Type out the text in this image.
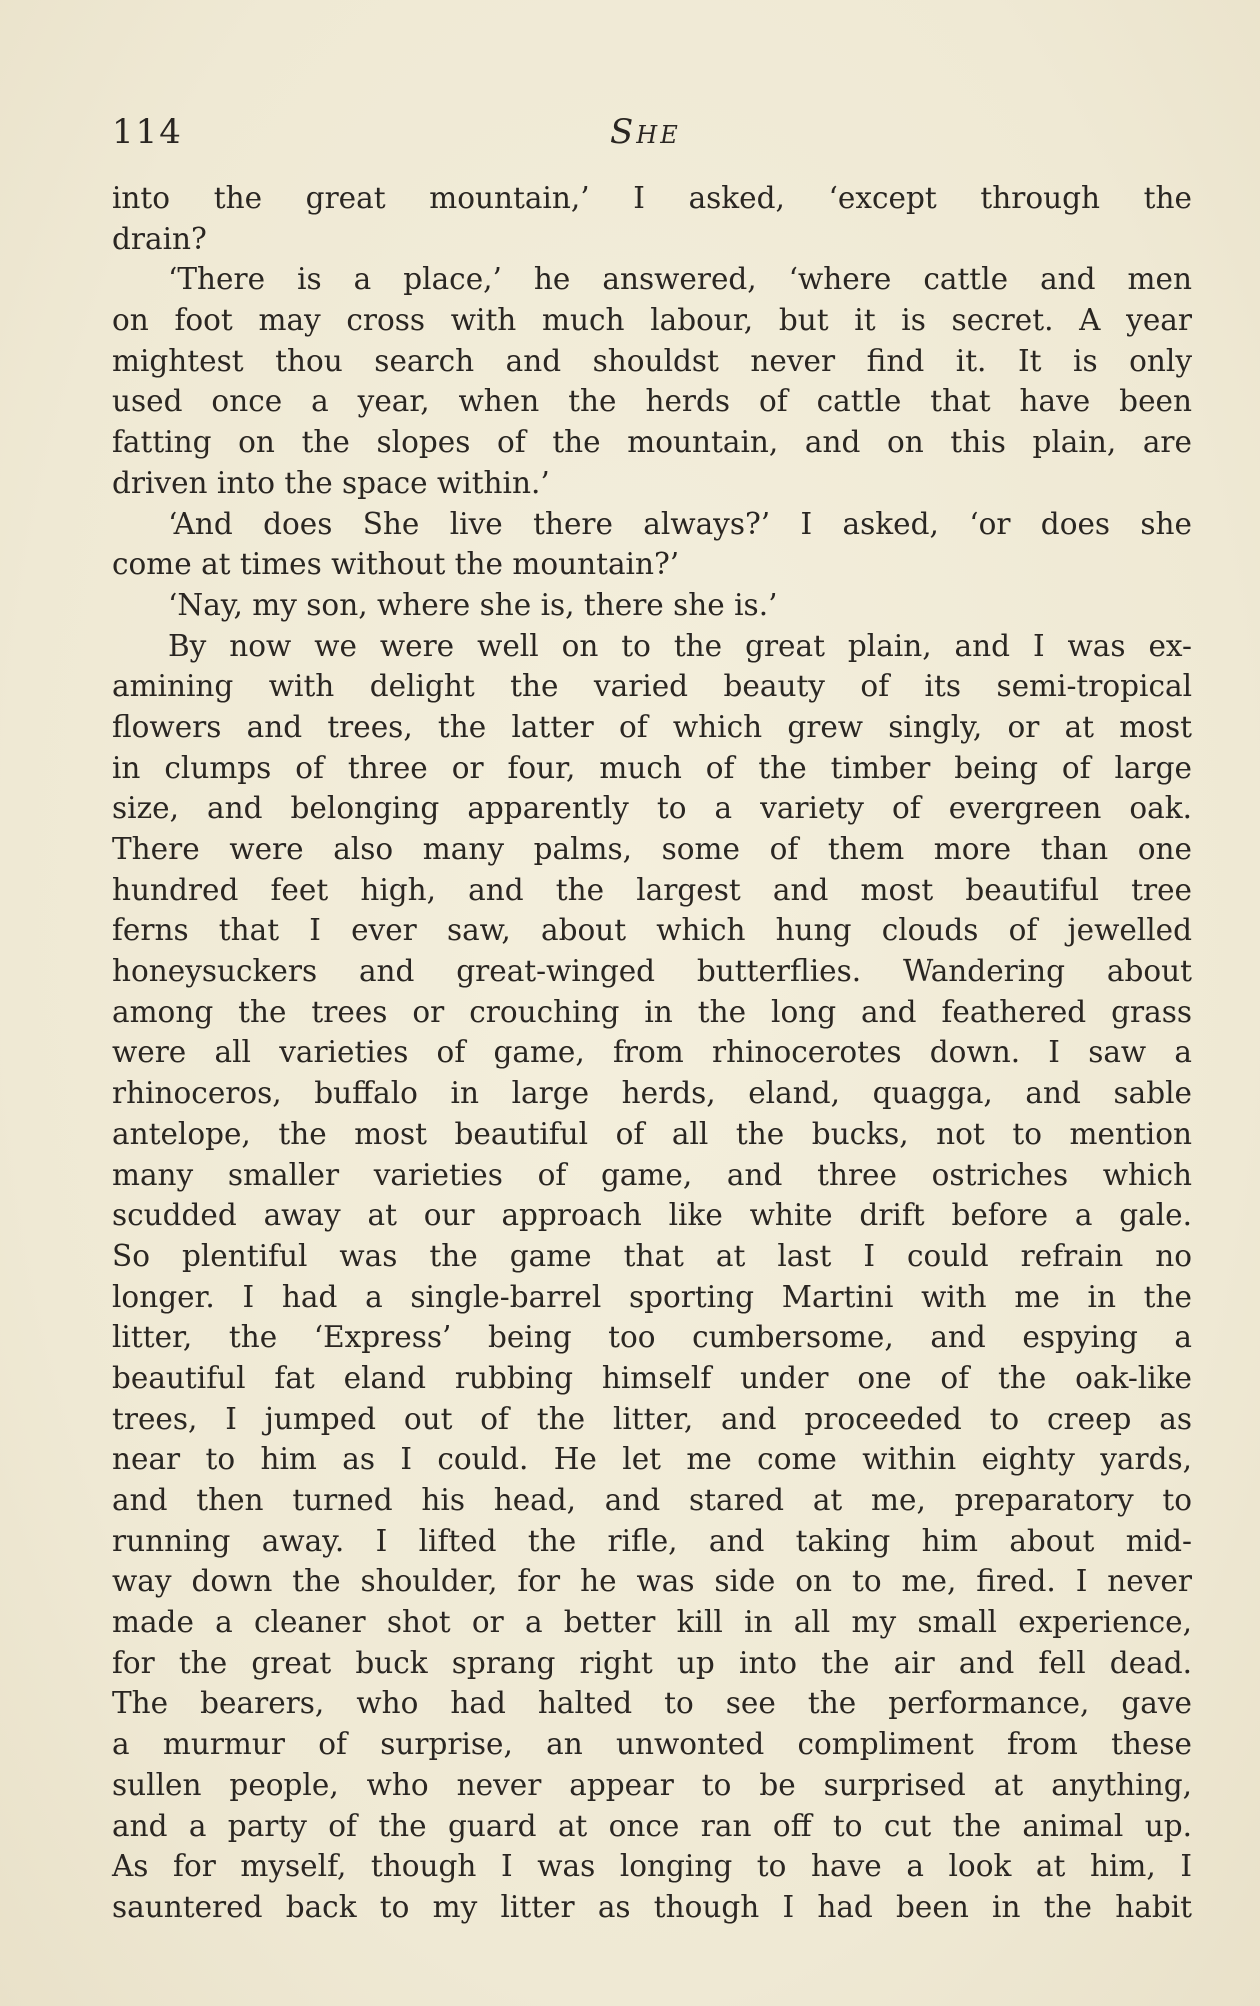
114	SHE
into the great mountain,’ I asked, ‘except through the
drain?
‘There is a place,’ he answered, ‘where cattle and men
on foot may cross with much labour, but it is secret. A year
mightest thou search and shouldst never find it. It is only
used once a year, when the herds of cattle that have been
fatting on the slopes of the mountain, and on this plain, are
driven into the space within.’
‘And does She live there always?’ I asked, ‘or does she
come at times without the mountain?’
‘Nay, my son, where she is, there she is.’
By now we were well on to the great plain, and I was ex-
amining with delight the varied beauty of its semi-tropical
flowers and trees, the latter of which grew singly, or at most
in clumps of three or four, much of the timber being of large
size, and belonging apparently to a variety of evergreen oak.
There were also many palms, some of them more than one
hundred feet high, and the largest and most beautiful tree
ferns that I ever saw, about which hung clouds of jewelled
honeysuckers and great-winged butterflies. Wandering about
among the trees or crouching in the long and feathered grass
were all varieties of game, from rhinocerotes down. I saw a
rhinoceros, buffalo in large herds, eland, quagga, and sable
antelope, the most beautiful of all the bucks, not to mention
many smaller varieties of game, and three ostriches which
scudded away at our approach like white drift before a gale.
So plentiful was the game that at last I could refrain no
longer. I had a single-barrel sporting Martini with me in the
litter, the ‘Express’ being too cumbersome, and espying a
beautiful fat eland rubbing himself under one of the oak-like
trees, I jumped out of the litter, and proceeded to creep as
near to him as I could. He let me come within eighty yards,
and then turned his head, and stared at me, preparatory to
running away. I lifted the rifle, and taking him about mid-
way down the shoulder, for he was side on to me, fired. I never
made a cleaner shot or a better kill in all my small experience,
for the great buck sprang right up into the air and fell dead.
The bearers, who had halted to see the performance, gave
a murmur of surprise, an unwonted compliment from these
sullen people, who never appear to be surprised at anything,
and a party of the guard at once ran off to cut the animal up.
As for myself, though I was longing to have a look at him, I
sauntered back to my litter as though I had been in the habit
